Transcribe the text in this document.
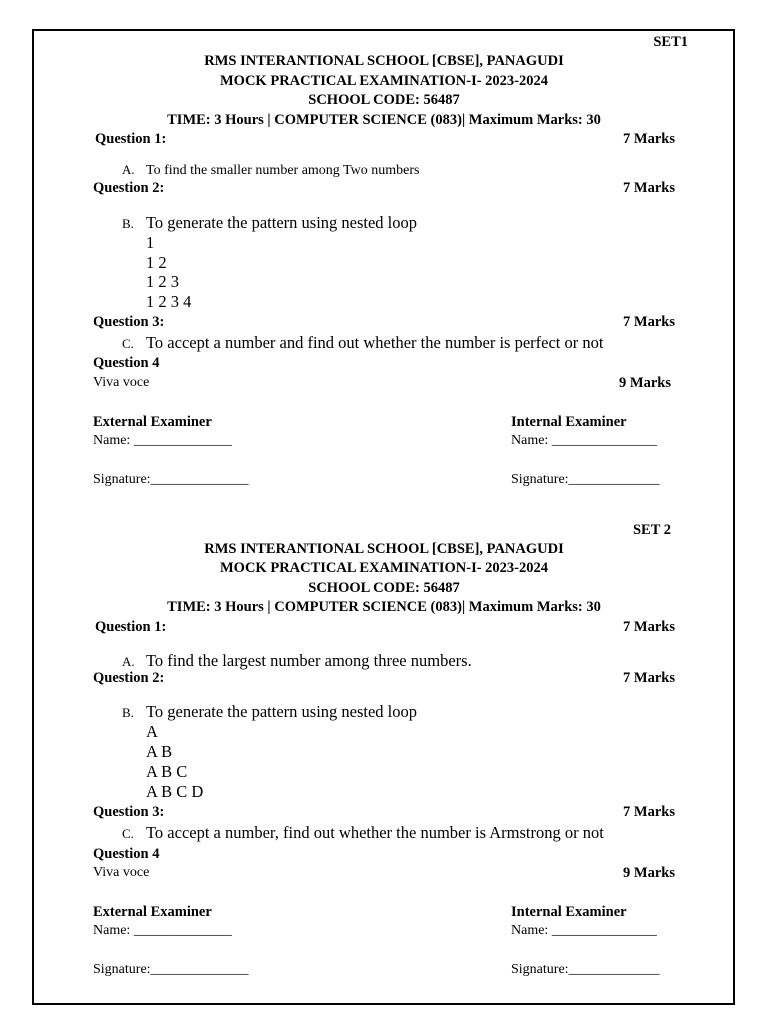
SET1
RMS INTERANTIONAL SCHOOL [CBSE], PANAGUDI
MOCK PRACTICAL EXAMINATION-I- 2023-2024
SCHOOL CODE: 56487
TIME: 3 Hours | COMPUTER SCIENCE (083)| Maximum Marks: 30
Question 1:	7 Marks
A. To find the smaller number among Two numbers
Question 2:	7 Marks
B. To generate the pattern using nested loop
1
1 2
1 2 3
1 2 3 4
Question 3:	7 Marks
C. To accept a number and find out whether the number is perfect or not
Question 4
Viva voce	9 Marks
External Examiner
Name: ______________
Signature:______________
Internal Examiner
Name: _______________
Signature:_____________
SET 2
RMS INTERANTIONAL SCHOOL [CBSE], PANAGUDI
MOCK PRACTICAL EXAMINATION-I- 2023-2024
SCHOOL CODE: 56487
TIME: 3 Hours | COMPUTER SCIENCE (083)| Maximum Marks: 30
Question 1:	7 Marks
A. To find the largest number among three numbers.
Question 2:	7 Marks
B. To generate the pattern using nested loop
A
A B
A B C
A B C D
Question 3:	7 Marks
C. To accept a number, find out whether the number is Armstrong or not
Question 4
Viva voce	9 Marks
External Examiner
Name: ______________
Signature:______________
Internal Examiner
Name: _______________
Signature:_____________
